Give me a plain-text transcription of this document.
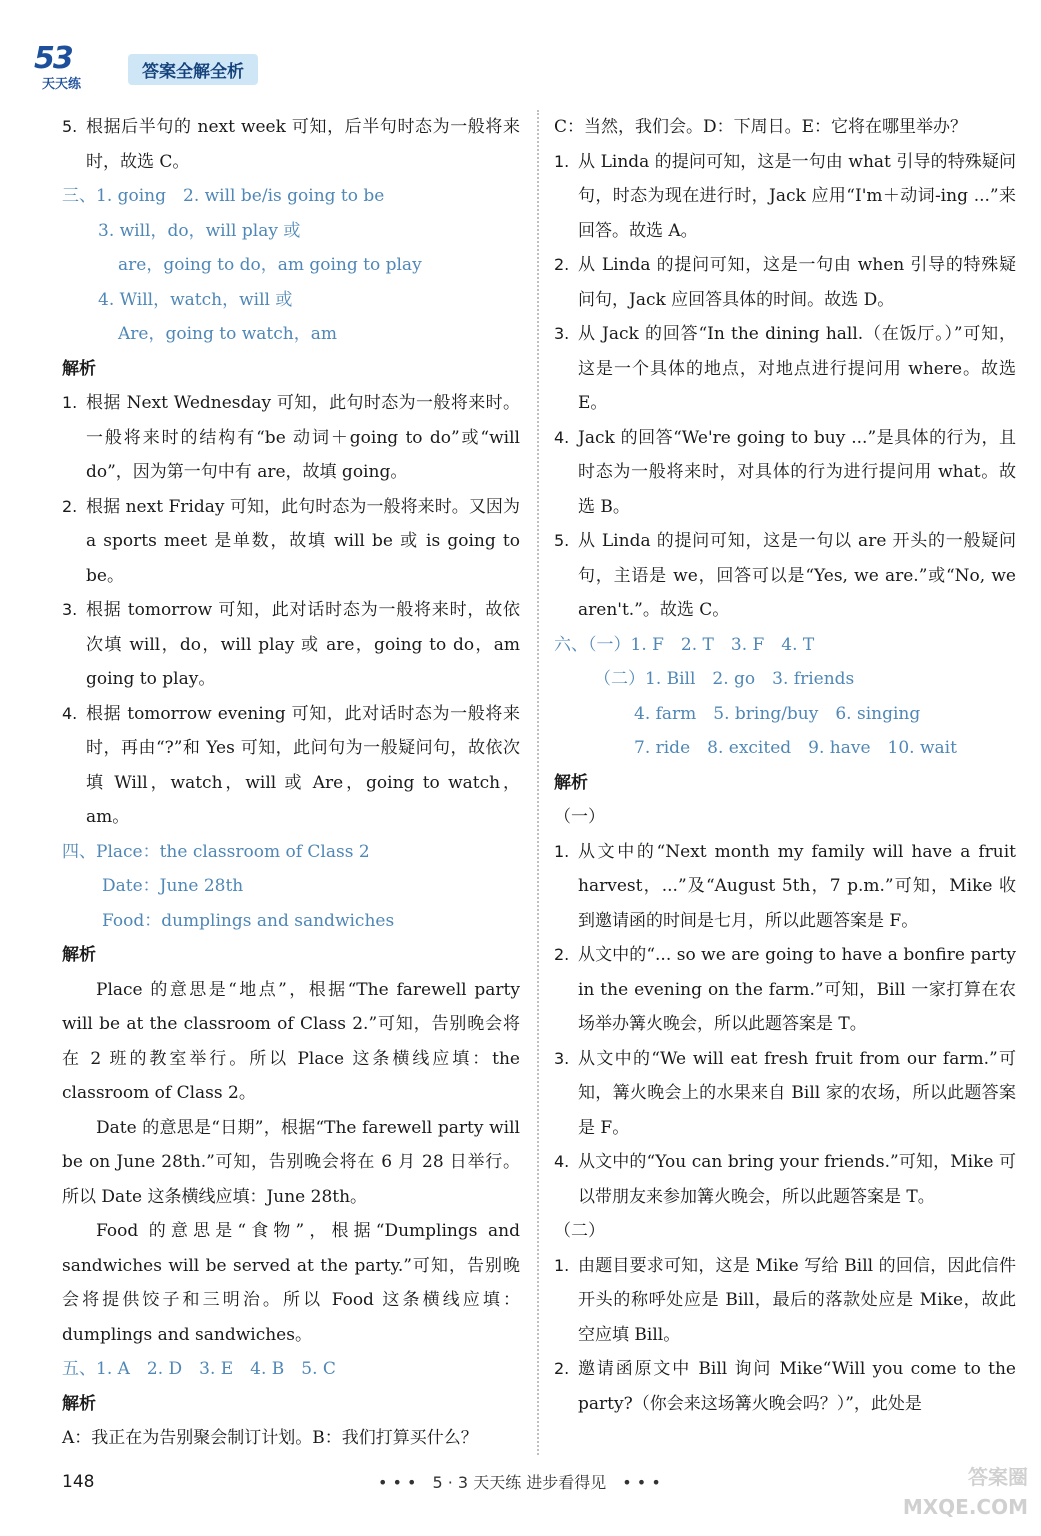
53
天天练
答案全解全析
5. 根据后半句的 next week 可知，后半句时态为一般将来时，故选 C。
三、1. going　2. will be/is going to be
3. will，do，will play 或
are，going to do，am going to play
4. Will，watch，will 或
Are，going to watch，am
解析
1. 根据 Next Wednesday 可知，此句时态为一般将来时。一般将来时的结构有“be 动词＋going to do”或“will do”，因为第一句中有 are，故填 going。
2. 根据 next Friday 可知，此句时态为一般将来时。又因为 a sports meet 是单数，故填 will be 或 is going to be。
3. 根据 tomorrow 可知，此对话时态为一般将来时，故依次填 will，do，will play 或 are，going to do，am going to play。
4. 根据 tomorrow evening 可知，此对话时态为一般将来时，再由“?”和 Yes 可知，此问句为一般疑问句，故依次填 Will，watch，will 或 Are，going to watch，am。
四、Place：the classroom of Class 2
Date：June 28th
Food：dumplings and sandwiches
解析
Place 的意思是“地点”，根据“The farewell party will be at the classroom of Class 2.”可知，告别晚会将在 2 班的教室举行。所以 Place 这条横线应填：the classroom of Class 2。
Date 的意思是“日期”，根据“The farewell party will be on June 28th.”可知，告别晚会将在 6 月 28 日举行。所以 Date 这条横线应填：June 28th。
Food 的意思是“食物”，根据“Dumplings and sandwiches will be served at the party.”可知，告别晚会将提供饺子和三明治。所以 Food 这条横线应填：dumplings and sandwiches。
五、1. A　2. D　3. E　4. B　5. C
解析
A：我正在为告别聚会制订计划。B：我们打算买什么？
C：当然，我们会。D：下周日。E：它将在哪里举办？
1. 从 Linda 的提问可知，这是一句由 what 引导的特殊疑问句，时态为现在进行时，Jack 应用“I'm＋动词-ing ...”来回答。故选 A。
2. 从 Linda 的提问可知，这是一句由 when 引导的特殊疑问句，Jack 应回答具体的时间。故选 D。
3. 从 Jack 的回答“In the dining hall.（在饭厅。）”可知，这是一个具体的地点，对地点进行提问用 where。故选 E。
4. Jack 的回答“We're going to buy ...”是具体的行为，且时态为一般将来时，对具体的行为进行提问用 what。故选 B。
5. 从 Linda 的提问可知，这是一句以 are 开头的一般疑问句，主语是 we，回答可以是“Yes, we are.”或“No, we aren't.”。故选 C。
六、（一）1. F　2. T　3. F　4. T
（二）1. Bill　2. go　3. friends
4. farm　5. bring/buy　6. singing
7. ride　8. excited　9. have　10. wait
解析
（一）
1. 从文中的“Next month my family will have a fruit harvest，...”及“August 5th，7 p.m.”可知，Mike 收到邀请函的时间是七月，所以此题答案是 F。
2. 从文中的“... so we are going to have a bonfire party in the evening on the farm.”可知，Bill 一家打算在农场举办篝火晚会，所以此题答案是 T。
3. 从文中的“We will eat fresh fruit from our farm.”可知，篝火晚会上的水果来自 Bill 家的农场，所以此题答案是 F。
4. 从文中的“You can bring your friends.”可知，Mike 可以带朋友来参加篝火晚会，所以此题答案是 T。
（二）
1. 由题目要求可知，这是 Mike 写给 Bill 的回信，因此信件开头的称呼处应是 Bill，最后的落款处应是 Mike，故此空应填 Bill。
2. 邀请函原文中 Bill 询问 Mike“Will you come to the party?（你会来这场篝火晚会吗？）”，此处是
148	• • •　5 · 3 天天练 进步看得见　• • •	答案圈
MXQE.COM
